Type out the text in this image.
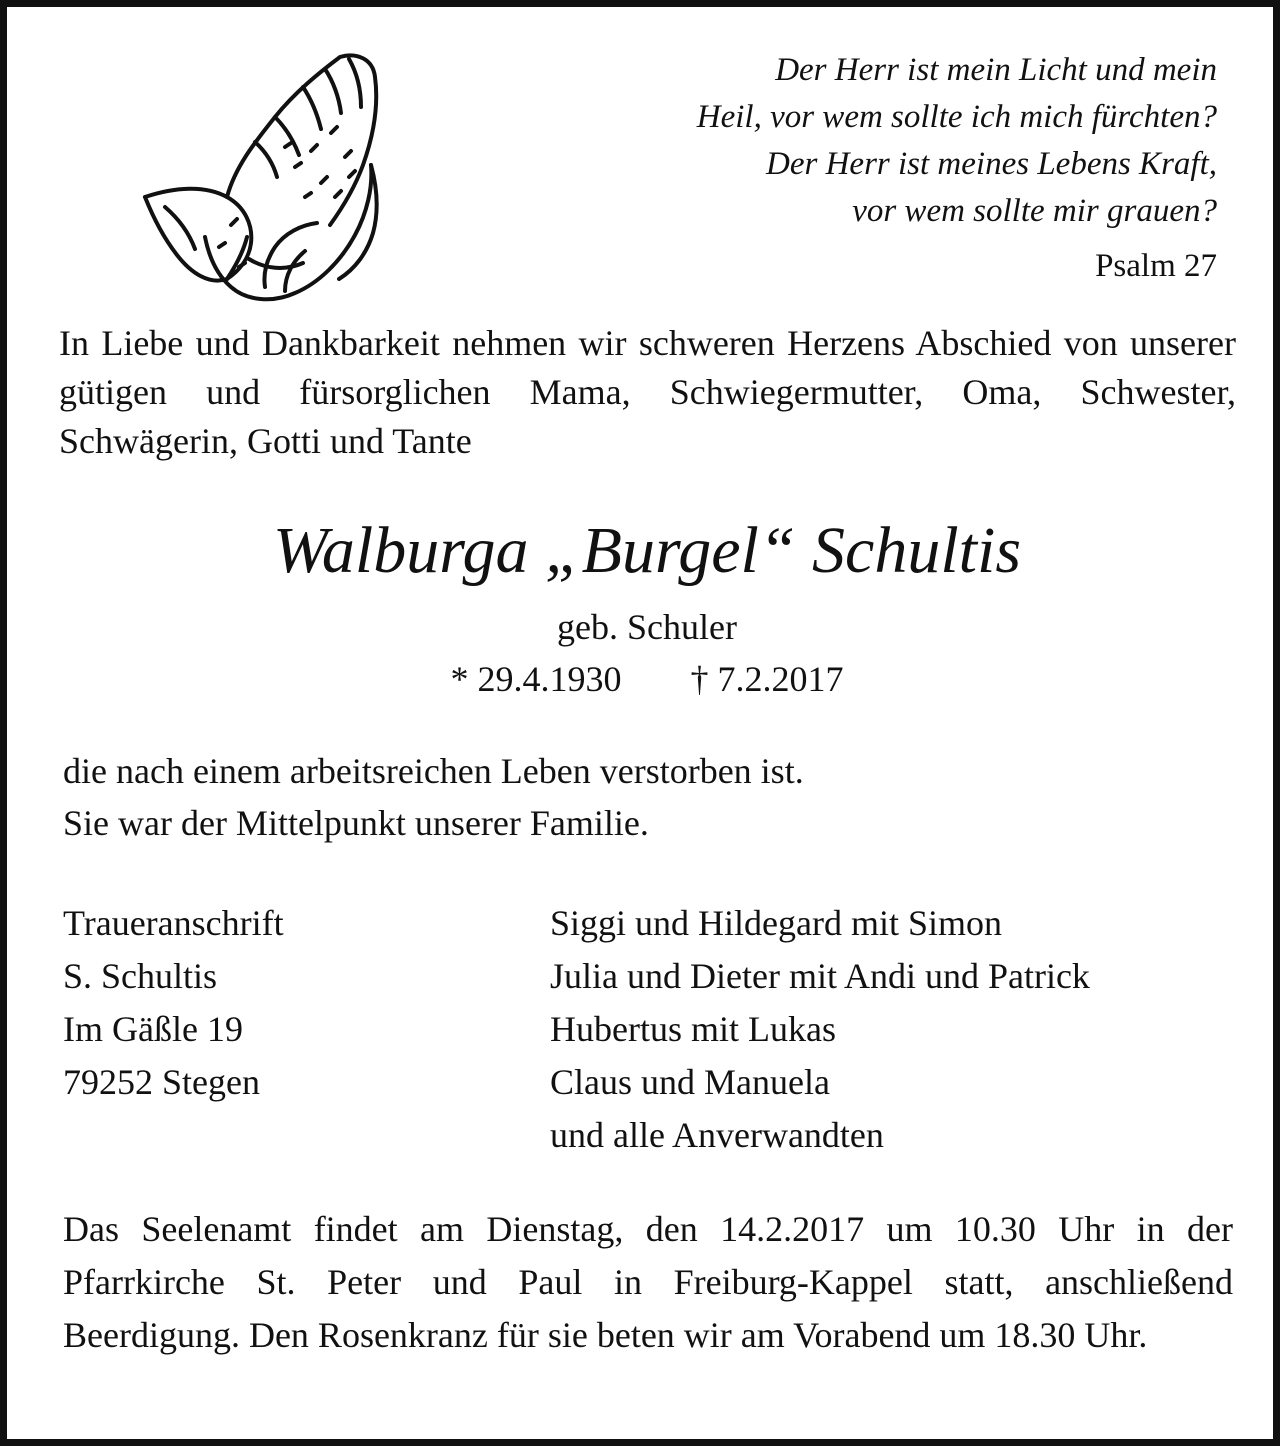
Der Herr ist mein Licht und mein
Heil, vor wem sollte ich mich fürchten?
Der Herr ist meines Lebens Kraft,
vor wem sollte mir grauen?
Psalm 27
In Liebe und Dankbarkeit nehmen wir schweren Herzens Abschied von unserer gütigen und fürsorglichen Mama, Schwiegermutter, Oma, Schwester, Schwägerin, Gotti und Tante
Walburga „Burgel“ Schultis
geb. Schuler
* 29.4.1930 † 7.2.2017
die nach einem arbeitsreichen Leben verstorben ist.
Sie war der Mittelpunkt unserer Familie.
Traueranschrift
S. Schultis
Im Gäßle 19
79252 Stegen
Siggi und Hildegard mit Simon
Julia und Dieter mit Andi und Patrick
Hubertus mit Lukas
Claus und Manuela
und alle Anverwandten
Das Seelenamt findet am Dienstag, den 14.2.2017 um 10.30 Uhr in der Pfarrkirche St. Peter und Paul in Freiburg-Kappel statt, anschließend Beerdigung. Den Rosenkranz für sie beten wir am Vorabend um 18.30 Uhr.
